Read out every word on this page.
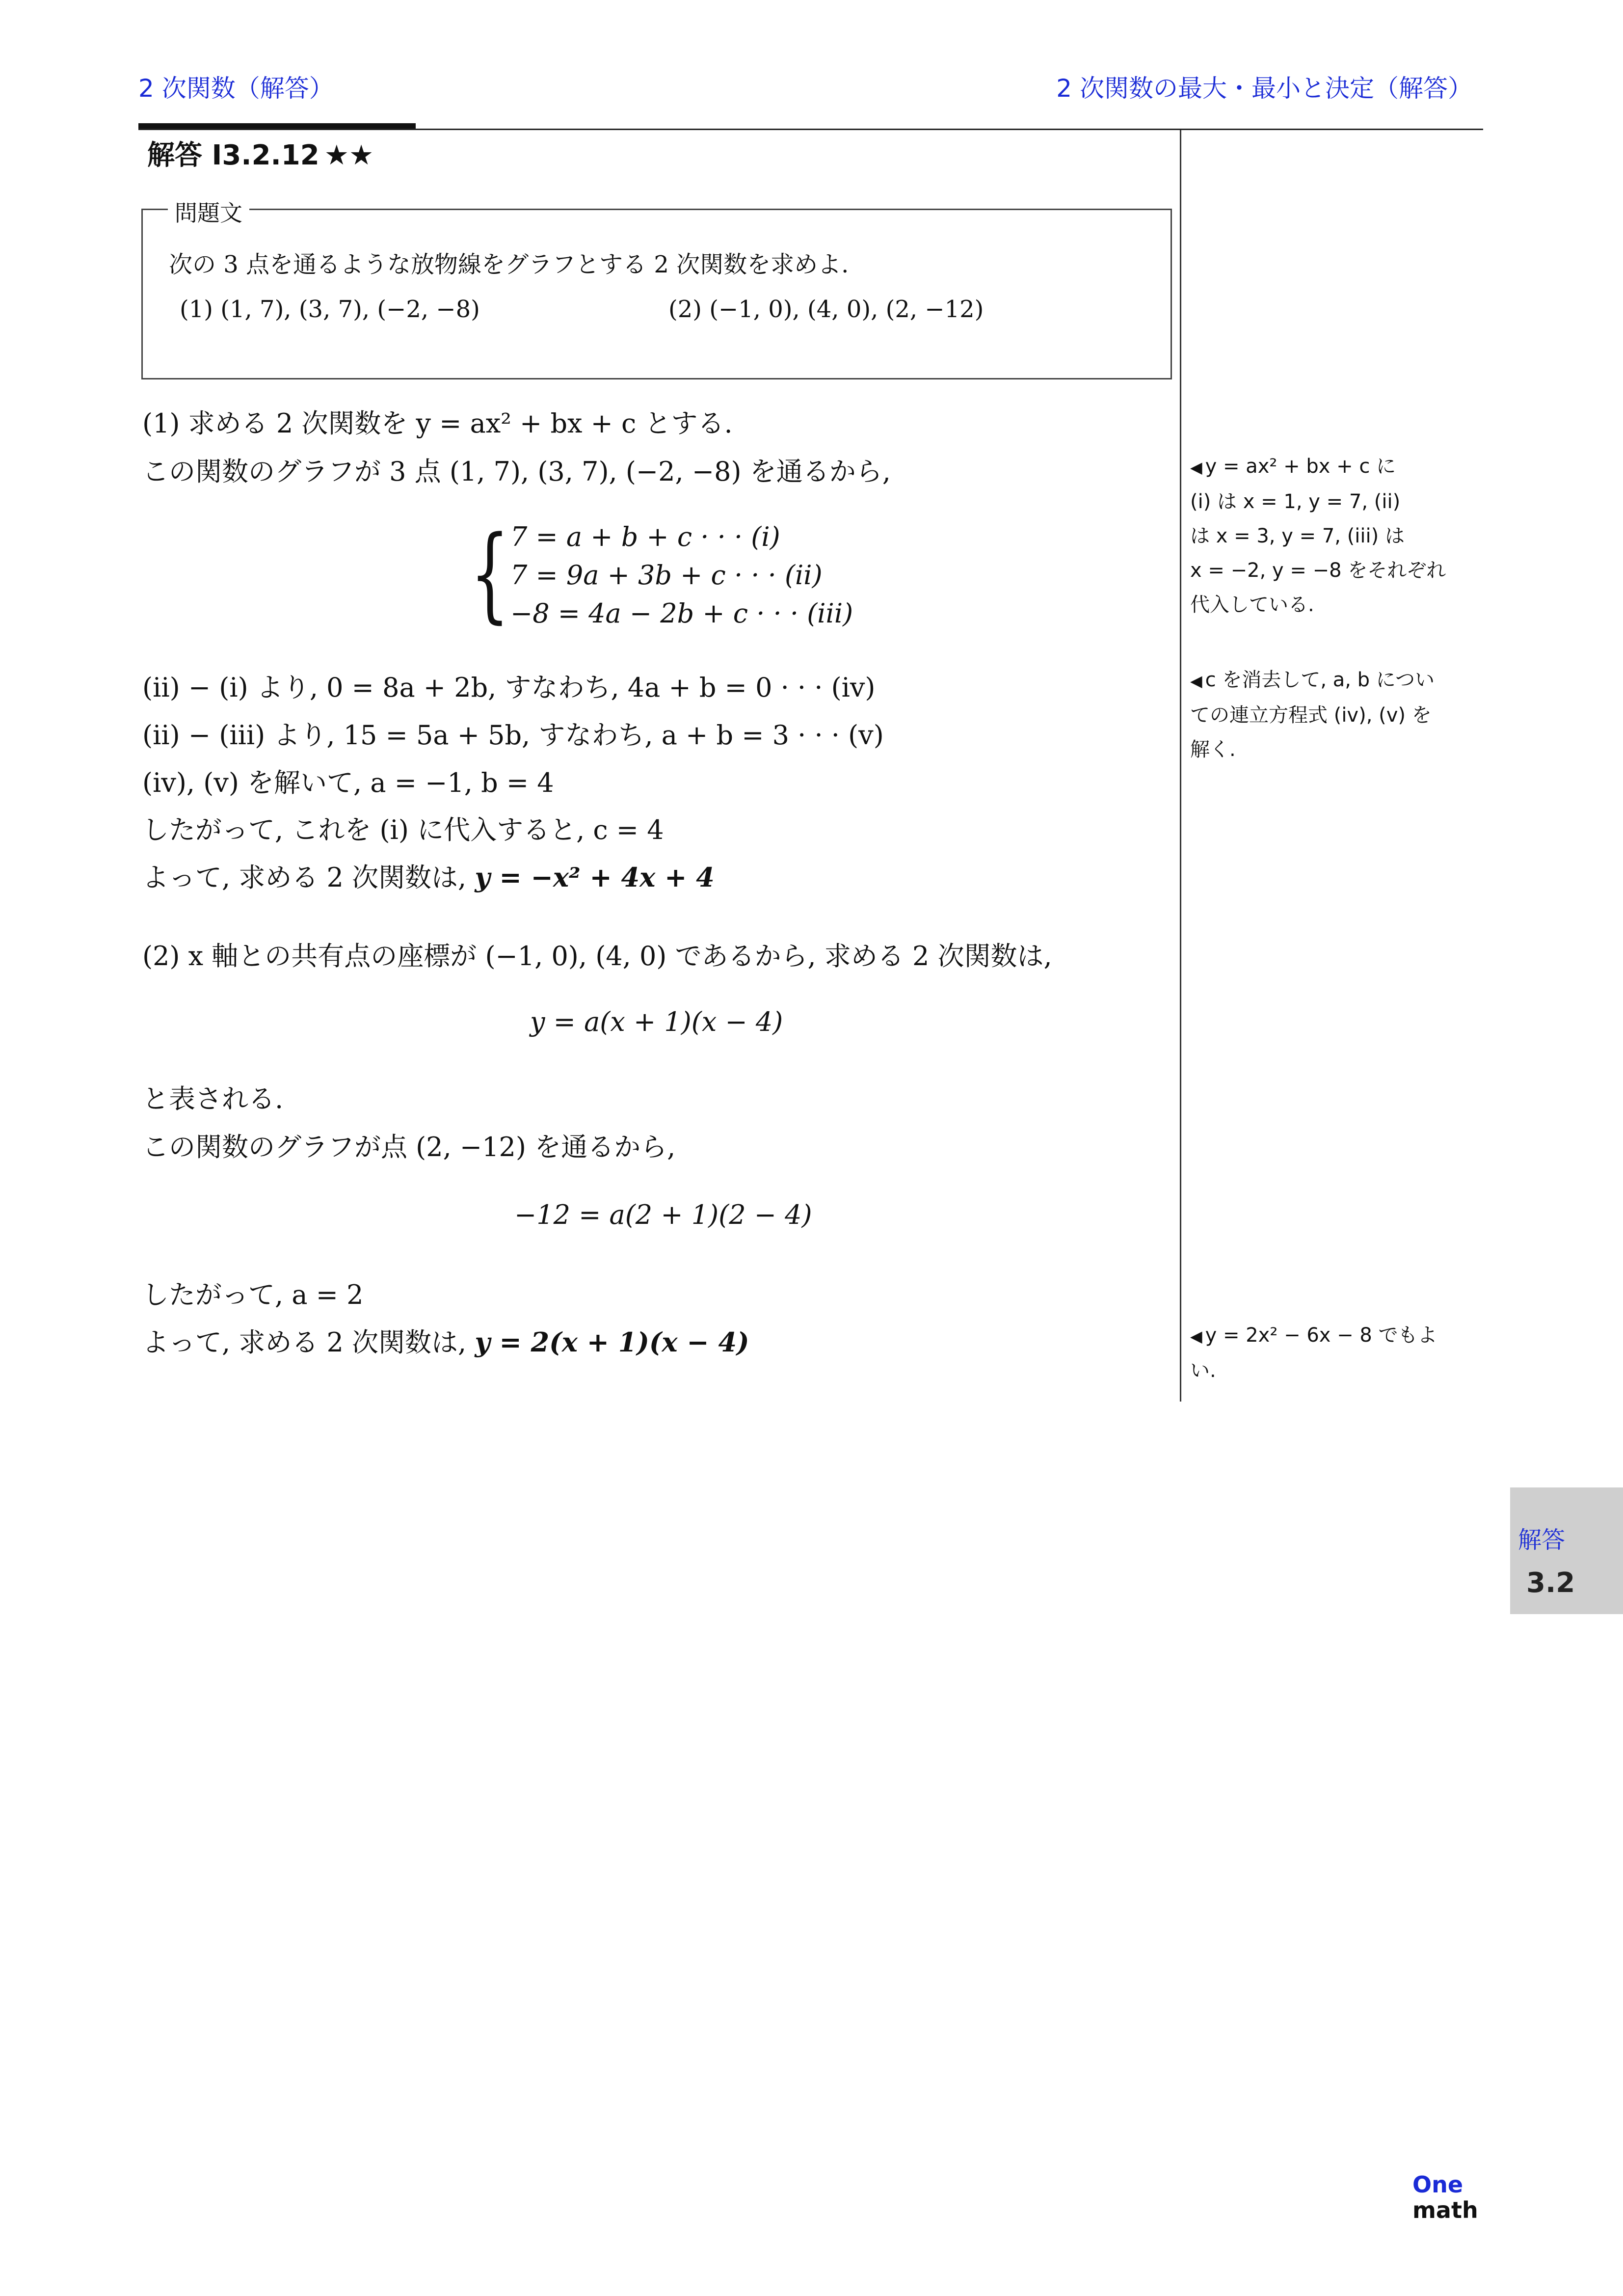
2 次関数（解答）	2 次関数の最大・最小と決定（解答）
解答 I3.2.12 ★★
問題文
次の 3 点を通るような放物線をグラフとする 2 次関数を求めよ.
(1) (1, 7), (3, 7), (−2, −8)	(2) (−1, 0), (4, 0), (2, −12)
(1) 求める 2 次関数を y = ax² + bx + c とする.
この関数のグラフが 3 点 (1, 7), (3, 7), (−2, −8) を通るから,
{ 7 = a + b + c · · · (i)
7 = 9a + 3b + c · · · (ii)
−8 = 4a − 2b + c · · · (iii)
(ii) − (i) より, 0 = 8a + 2b, すなわち, 4a + b = 0 · · · (iv)
(ii) − (iii) より, 15 = 5a + 5b, すなわち, a + b = 3 · · · (v)
(iv), (v) を解いて, a = −1, b = 4
したがって, これを (i) に代入すると, c = 4
よって, 求める 2 次関数は, y = −x² + 4x + 4
(2) x 軸との共有点の座標が (−1, 0), (4, 0) であるから, 求める 2 次関数は,
y = a(x + 1)(x − 4)
と表される.
この関数のグラフが点 (2, −12) を通るから,
−12 = a(2 + 1)(2 − 4)
したがって, a = 2
よって, 求める 2 次関数は, y = 2(x + 1)(x − 4)
◀ y = ax² + bx + c に
(i) は x = 1, y = 7, (ii)
は x = 3, y = 7, (iii) は
x = −2, y = −8 をそれぞれ
代入している.
◀ c を消去して, a, b につい
ての連立方程式 (iv), (v) を
解く.
◀ y = 2x² − 6x − 8 でもよ
い.
解答
3.2
One
math
